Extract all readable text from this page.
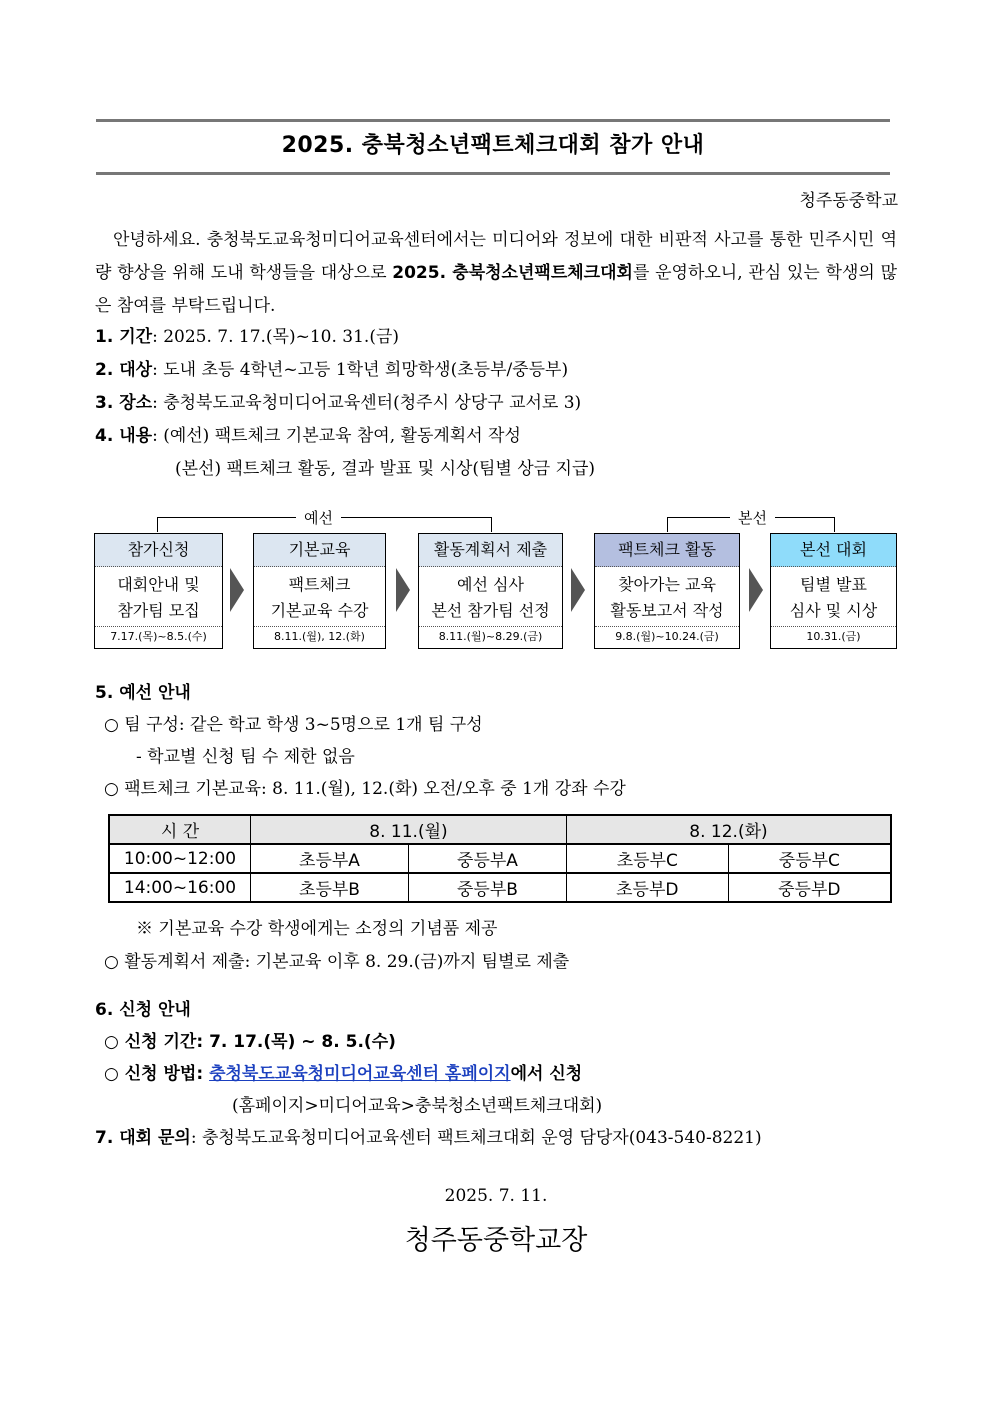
2025. 충북청소년팩트체크대회 참가 안내
청주동중학교
안녕하세요. 충청북도교육청미디어교육센터에서는 미디어와 정보에 대한 비판적 사고를 통한 민주시민 역량 향상을 위해 도내 학생들을 대상으로 2025. 충북청소년팩트체크대회를 운영하오니, 관심 있는 학생의 많은 참여를 부탁드립니다.
1. 기간: 2025. 7. 17.(목)~10. 31.(금)
2. 대상: 도내 초등 4학년~고등 1학년 희망학생(초등부/중등부)
3. 장소: 충청북도교육청미디어교육센터(청주시 상당구 교서로 3)
4. 내용: (예선) 팩트체크 기본교육 참여, 활동계획서 작성
(본선) 팩트체크 활동, 결과 발표 및 시상(팀별 상금 지급)
예선	본선
참가신청
대회안내 및
참가팀 모집
7.17.(목)~8.5.(수)
기본교육
팩트체크
기본교육 수강
8.11.(월), 12.(화)
활동계획서 제출
예선 심사
본선 참가팀 선정
8.11.(월)~8.29.(금)
팩트체크 활동
찾아가는 교육
활동보고서 작성
9.8.(월)~10.24.(금)
본선 대회
팀별 발표
심사 및 시상
10.31.(금)
5. 예선 안내
○ 팀 구성: 같은 학교 학생 3~5명으로 1개 팀 구성
- 학교별 신청 팀 수 제한 없음
○ 팩트체크 기본교육: 8. 11.(월), 12.(화) 오전/오후 중 1개 강좌 수강
시 간	8. 11.(월)		8. 12.(화)	
10:00~12:00	초등부A	중등부A	초등부C	중등부C
14:00~16:00	초등부B	중등부B	초등부D	중등부D
※ 기본교육 수강 학생에게는 소정의 기념품 제공
○ 활동계획서 제출: 기본교육 이후 8. 29.(금)까지 팀별로 제출
6. 신청 안내
○ 신청 기간: 7. 17.(목) ~ 8. 5.(수)
○ 신청 방법: 충청북도교육청미디어교육센터 홈페이지에서 신청
(홈페이지>미디어교육>충북청소년팩트체크대회)
7. 대회 문의: 충청북도교육청미디어교육센터 팩트체크대회 운영 담당자(043-540-8221)
2025. 7. 11.
청주동중학교장
